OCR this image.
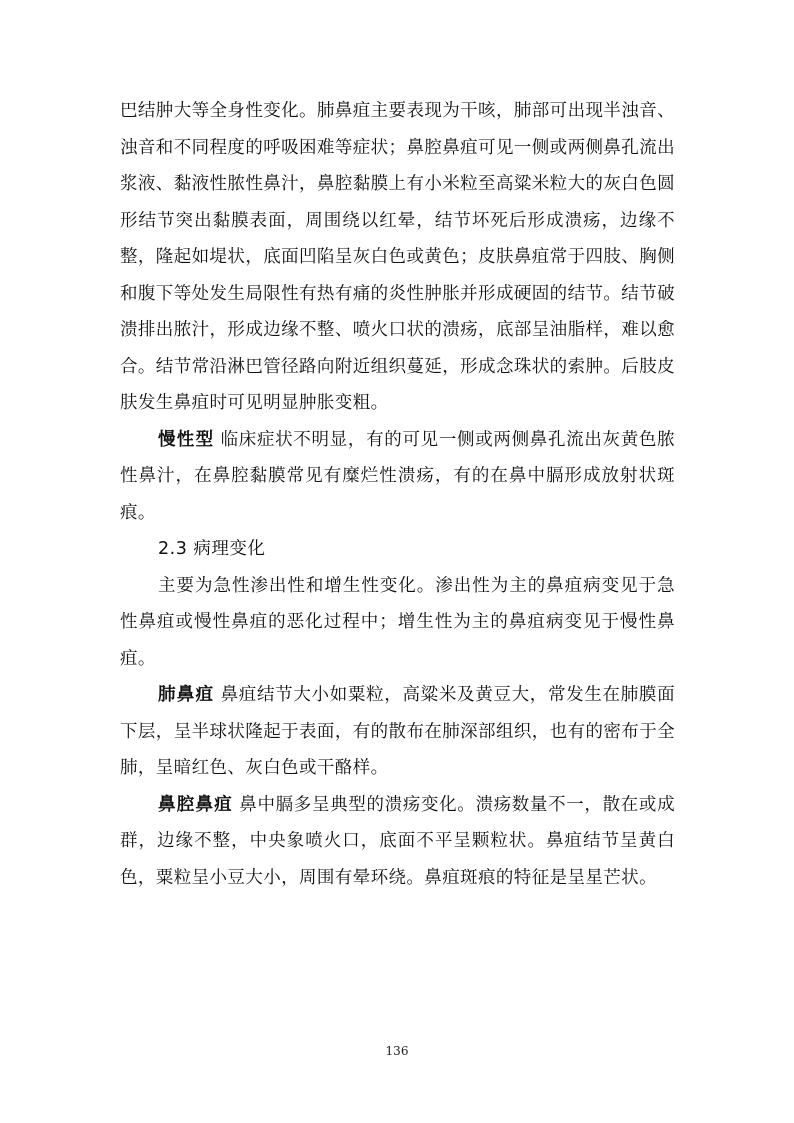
巴结肿大等全身性变化。肺鼻疽主要表现为干咳，肺部可出现半浊音、浊音和不同程度的呼吸困难等症状；鼻腔鼻疽可见一侧或两侧鼻孔流出浆液、黏液性脓性鼻汁，鼻腔黏膜上有小米粒至高粱米粒大的灰白色圆形结节突出黏膜表面，周围绕以红晕，结节坏死后形成溃疡，边缘不整，隆起如堤状，底面凹陷呈灰白色或黄色；皮肤鼻疽常于四肢、胸侧和腹下等处发生局限性有热有痛的炎性肿胀并形成硬固的结节。结节破溃排出脓汁，形成边缘不整、喷火口状的溃疡，底部呈油脂样，难以愈合。结节常沿淋巴管径路向附近组织蔓延，形成念珠状的索肿。后肢皮肤发生鼻疽时可见明显肿胀变粗。

慢性型 临床症状不明显，有的可见一侧或两侧鼻孔流出灰黄色脓性鼻汁，在鼻腔黏膜常见有糜烂性溃疡，有的在鼻中膈形成放射状斑痕。

2.3 病理变化

主要为急性渗出性和增生性变化。渗出性为主的鼻疽病变见于急性鼻疽或慢性鼻疽的恶化过程中；增生性为主的鼻疽病变见于慢性鼻疽。

肺鼻疽 鼻疽结节大小如粟粒，高粱米及黄豆大，常发生在肺膜面下层，呈半球状隆起于表面，有的散布在肺深部组织，也有的密布于全肺，呈暗红色、灰白色或干酪样。

鼻腔鼻疽 鼻中膈多呈典型的溃疡变化。溃疡数量不一，散在或成群，边缘不整，中央象喷火口，底面不平呈颗粒状。鼻疽结节呈黄白色，粟粒呈小豆大小，周围有晕环绕。鼻疽斑痕的特征是呈星芒状。

136
